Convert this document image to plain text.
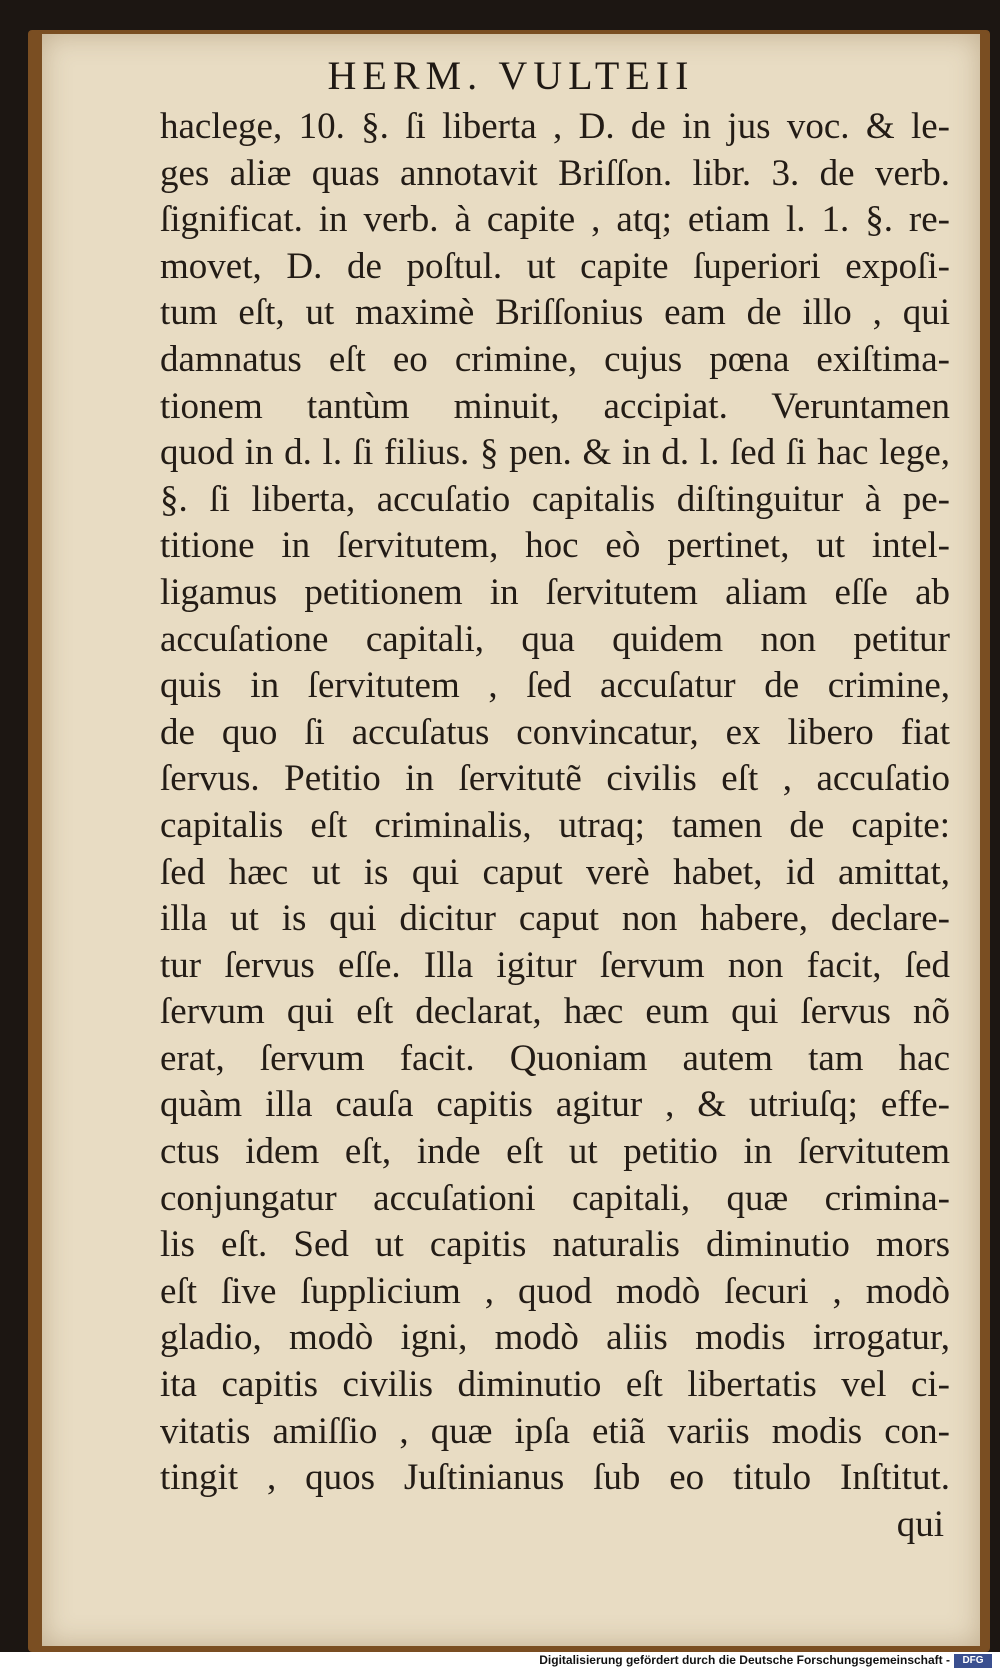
HERM. VULTEII
haclege, 10. §. ſi liberta , D. de in jus voc. & le-
ges aliæ quas annotavit Briſſon. libr. 3. de verb.
ſignificat. in verb. à capite , atq; etiam l. 1. §. re-
movet, D. de poſtul. ut capite ſuperiori expoſi-
tum eſt, ut maximè Briſſonius eam de illo , qui
damnatus eſt eo crimine, cujus pœna exiſtima-
tionem tantùm minuit, accipiat. Veruntamen
quod in d. l. ſi filius. § pen. & in d. l. ſed ſi hac lege,
§. ſi liberta, accuſatio capitalis diſtinguitur à pe-
titione in ſervitutem, hoc eò pertinet, ut intel-
ligamus petitionem in ſervitutem aliam eſſe ab
accuſatione capitali, qua quidem non petitur
quis in ſervitutem , ſed accuſatur de crimine,
de quo ſi accuſatus convincatur, ex libero fiat
ſervus. Petitio in ſervitutẽ civilis eſt , accuſatio
capitalis eſt criminalis, utraq; tamen de capite:
ſed hæc ut is qui caput verè habet, id amittat,
illa ut is qui dicitur caput non habere, declare-
tur ſervus eſſe. Illa igitur ſervum non facit, ſed
ſervum qui eſt declarat, hæc eum qui ſervus nõ
erat, ſervum facit. Quoniam autem tam hac
quàm illa cauſa capitis agitur , & utriuſq; effe-
ctus idem eſt, inde eſt ut petitio in ſervitutem
conjungatur accuſationi capitali, quæ crimina-
lis eſt. Sed ut capitis naturalis diminutio mors
eſt ſive ſupplicium , quod modò ſecuri , modò
gladio, modò igni, modò aliis modis irrogatur,
ita capitis civilis diminutio eſt libertatis vel ci-
vitatis amiſſio , quæ ipſa etiã variis modis con-
tingit , quos Juſtinianus ſub eo titulo Inſtitut.
qui
Digitalisierung gefördert durch die Deutsche Forschungsgemeinschaft -	DFG
